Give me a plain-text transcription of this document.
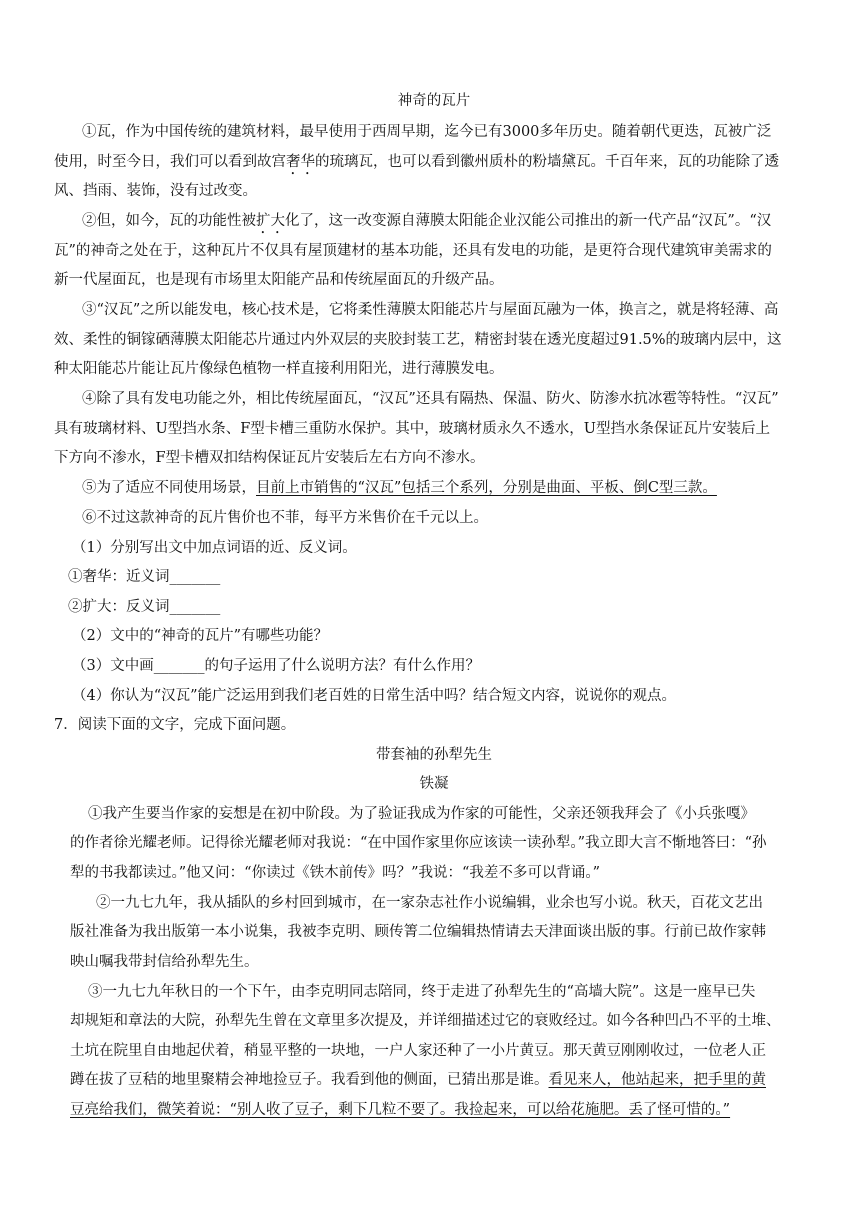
神奇的瓦片
①瓦，作为中国传统的建筑材料，最早使用于西周早期，迄今已有3000多年历史。随着朝代更迭，瓦被广泛
使用，时至今日，我们可以看到故宫奢华的琉璃瓦，也可以看到徽州质朴的粉墙黛瓦。千百年来，瓦的功能除了透
风、挡雨、装饰，没有过改变。
②但，如今，瓦的功能性被扩大化了，这一改变源自薄膜太阳能企业汉能公司推出的新一代产品“汉瓦”。“汉
瓦”的神奇之处在于，这种瓦片不仅具有屋顶建材的基本功能，还具有发电的功能，是更符合现代建筑审美需求的
新一代屋面瓦，也是现有市场里太阳能产品和传统屋面瓦的升级产品。
③“汉瓦”之所以能发电，核心技术是，它将柔性薄膜太阳能芯片与屋面瓦融为一体，换言之，就是将轻薄、高
效、柔性的铜镓硒薄膜太阳能芯片通过内外双层的夹胶封装工艺，精密封装在透光度超过91.5%的玻璃内层中，这
种太阳能芯片能让瓦片像绿色植物一样直接利用阳光，进行薄膜发电。
④除了具有发电功能之外，相比传统屋面瓦，“汉瓦”还具有隔热、保温、防火、防渗水抗冰雹等特性。“汉瓦”
具有玻璃材料、U型挡水条、F型卡槽三重防水保护。其中，玻璃材质永久不透水，U型挡水条保证瓦片安装后上
下方向不渗水，F型卡槽双扣结构保证瓦片安装后左右方向不渗水。
⑤为了适应不同使用场景，目前上市销售的“汉瓦”包括三个系列，分别是曲面、平板、倒C型三款。
⑥不过这款神奇的瓦片售价也不菲，每平方米售价在千元以上。
（1）分别写出文中加点词语的近、反义词。
①奢华：近义词_______
②扩大：反义词_______
（2）文中的“神奇的瓦片”有哪些功能？
（3）文中画_______的句子运用了什么说明方法？有什么作用？
（4）你认为“汉瓦”能广泛运用到我们老百姓的日常生活中吗？结合短文内容，说说你的观点。
7．阅读下面的文字，完成下面问题。
带套袖的孙犁先生
铁凝
①我产生要当作家的妄想是在初中阶段。为了验证我成为作家的可能性，父亲还领我拜会了《小兵张嘎》
的作者徐光耀老师。记得徐光耀老师对我说：“在中国作家里你应该读一读孙犁。”我立即大言不惭地答曰：“孙
犁的书我都读过。”他又问：“你读过《铁木前传》吗？”我说：“我差不多可以背诵。”
②一九七九年，我从插队的乡村回到城市，在一家杂志社作小说编辑，业余也写小说。秋天，百花文艺出
版社准备为我出版第一本小说集，我被李克明、顾传箐二位编辑热情请去天津面谈出版的事。行前已故作家韩
映山嘱我带封信给孙犁先生。
③一九七九年秋日的一个下午，由李克明同志陪同，终于走进了孙犁先生的“高墙大院”。这是一座早已失
却规矩和章法的大院，孙犁先生曾在文章里多次提及，并详细描述过它的衰败经过。如今各种凹凸不平的土堆、
土坑在院里自由地起伏着，稍显平整的一块地，一户人家还种了一小片黄豆。那天黄豆刚刚收过，一位老人正
蹲在拔了豆秸的地里聚精会神地捡豆子。我看到他的侧面，已猜出那是谁。看见来人，他站起来，把手里的黄
豆亮给我们，微笑着说：“别人收了豆子，剩下几粒不要了。我捡起来，可以给花施肥。丢了怪可惜的。”
